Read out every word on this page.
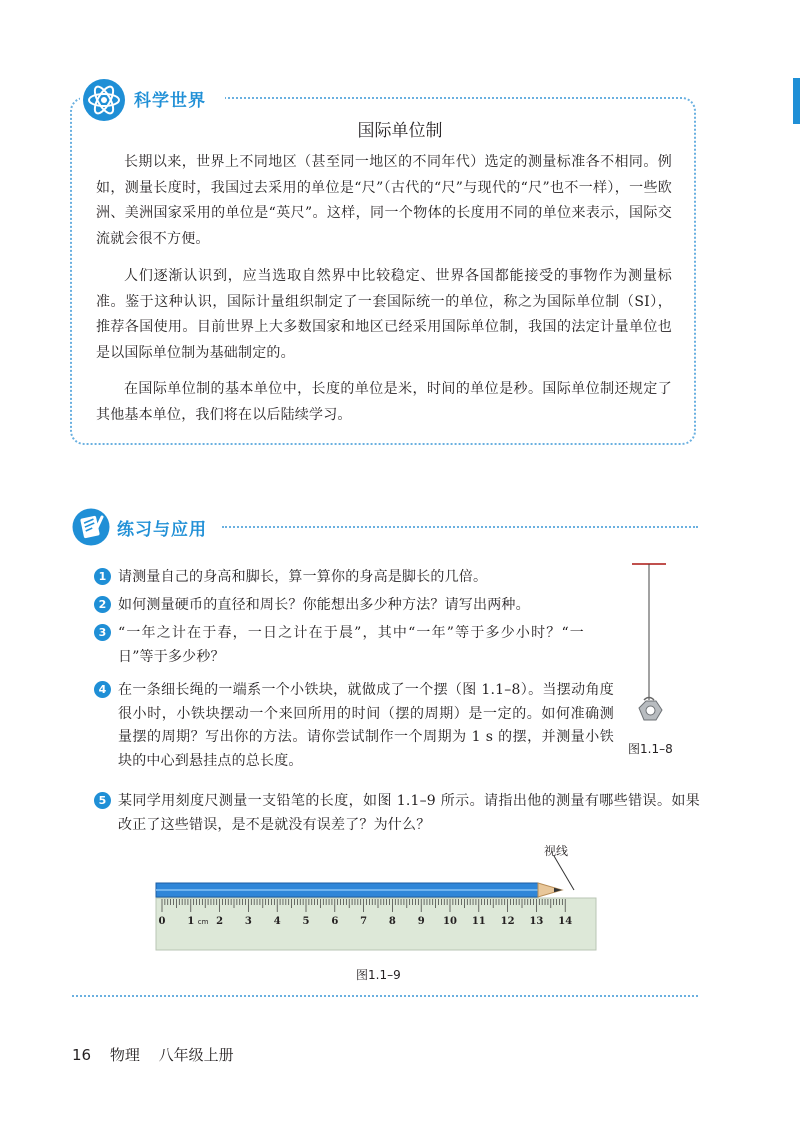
科学世界
国际单位制
长期以来，世界上不同地区（甚至同一地区的不同年代）选定的测量标准各不相同。例如，测量长度时，我国过去采用的单位是“尺”（古代的“尺”与现代的“尺”也不一样），一些欧洲、美洲国家采用的单位是“英尺”。这样，同一个物体的长度用不同的单位来表示，国际交流就会很不方便。
人们逐渐认识到，应当选取自然界中比较稳定、世界各国都能接受的事物作为测量标准。鉴于这种认识，国际计量组织制定了一套国际统一的单位，称之为国际单位制（SI），推荐各国使用。目前世界上大多数国家和地区已经采用国际单位制，我国的法定计量单位也是以国际单位制为基础制定的。
在国际单位制的基本单位中，长度的单位是米，时间的单位是秒。国际单位制还规定了其他基本单位，我们将在以后陆续学习。
练习与应用
1 请测量自己的身高和脚长，算一算你的身高是脚长的几倍。
2 如何测量硬币的直径和周长？你能想出多少种方法？请写出两种。
3 “一年之计在于春，一日之计在于晨”，其中“一年”等于多少小时？“一日”等于多少秒？
4 在一条细长绳的一端系一个小铁块，就做成了一个摆（图 1.1–8）。当摆动角度很小时，小铁块摆动一个来回所用的时间（摆的周期）是一定的。如何准确测量摆的周期？写出你的方法。请你尝试制作一个周期为 1 s 的摆，并测量小铁块的中心到悬挂点的总长度。
5 某同学用刻度尺测量一支铅笔的长度，如图 1.1–9 所示。请指出他的测量有哪些错误。如果改正了这些错误，是不是就没有误差了？为什么？
图1.1–8
视线
0 1 2 3 4 5 6 7 8 9 10 11 12 13 14
cm
图1.1–9
16 物理 八年级上册
